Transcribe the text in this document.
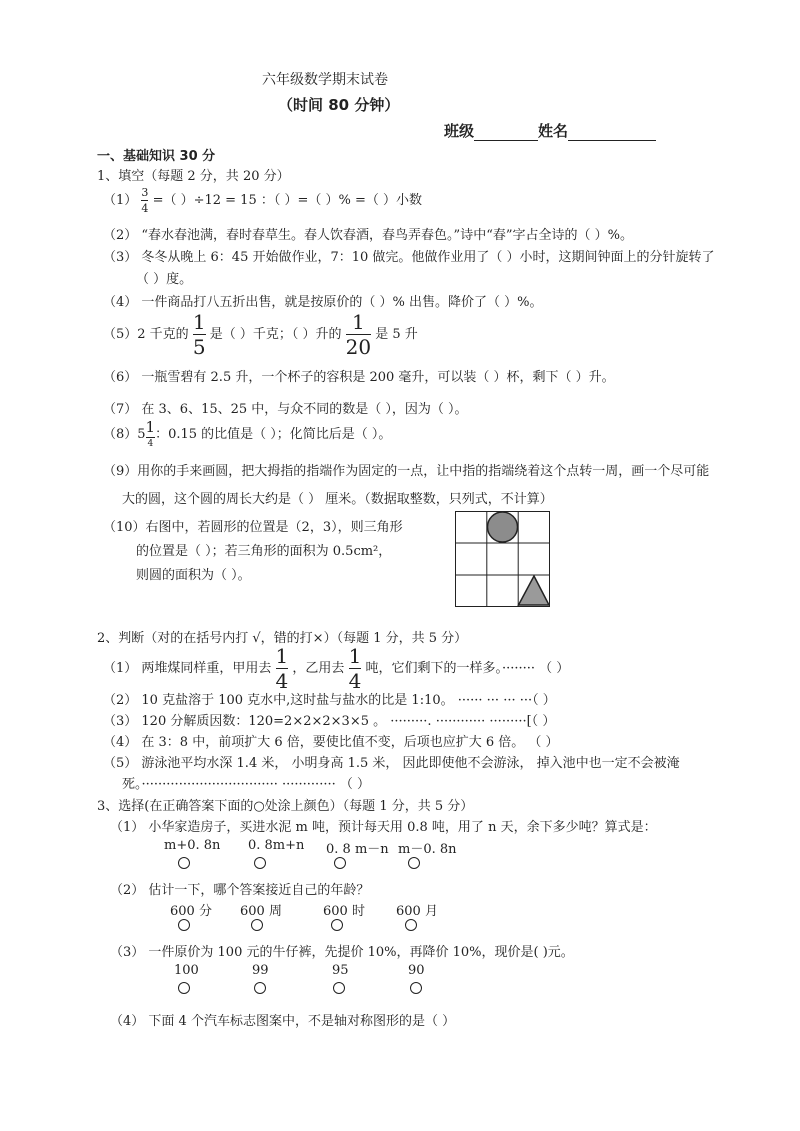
六年级数学期末试卷
（时间 80 分钟）
班级	姓名
一、基础知识 30 分
1、填空（每题 2 分，共 20 分）
$(1) \frac{3}{4}$ =（ ）÷12 = 15 ：（ ）=（ ）% =（ ）小数
（2） “春水春池满，春时春草生。春人饮春酒，春鸟弄春色。”诗中“春”字占全诗的（ ）%。
（3） 冬冬从晚上 6：45 开始做作业，7：10 做完。他做作业用了（ ）小时，这期间钟面上的分针旋转了
（ ）度。
（4） 一件商品打八五折出售，就是按原价的（ ）% 出售。降价了（ ）%。
（5）2 千克的 $\frac{1}{5}$ 是（ ）千克；（ ）升的 $\frac{1}{20}$ 是 5 升
（6） 一瓶雪碧有 2.5 升，一个杯子的容积是 200 毫升，可以装（ ）杯，剩下（ ）升。
（7） 在 3、6、15、25 中，与众不同的数是（ ），因为（ ）。
$(8)5 \frac{1}{4}$ ：0.15 的比值是（ ）；化简比后是（ ）。
（9）用你的手来画圆，把大拇指的指端作为固定的一点，让中指的指端绕着这个点转一周，画一个尽可能
大的圆，这个圆的周长大约是（ ） 厘米。（数据取整数，只列式，不计算）
（10）右图中，若圆形的位置是（2，3），则三角形
的位置是（ ）；若三角形的面积为 0.5cm²，
则圆的面积为（ ）。
2、判断（对的在括号内打 √，错的打×）（每题 1 分，共 5 分）
（1） 两堆煤同样重，甲用去 $\frac{1}{4}$ ，乙用去 $\frac{1}{4}$ 吨，它们剩下的一样多。········ （ ）
（2） 10 克盐溶于 100 克水中,这时盐与盐水的比是 1:10。 ······ ··· ··· ···（ ）
（3） 120 分解质因数：120=2×2×2×3×5 。 ·········. ············ ·········[（ ）
（4） 在 3：8 中，前项扩大 6 倍，要使比值不变，后项也应扩大 6 倍。 （ ）
（5） 游泳池平均水深 1.4 米， 小明身高 1.5 米， 因此即使他不会游泳， 掉入池中也一定不会被淹
死。································· ············· （ ）
3、选择(在正确答案下面的○处涂上颜色）（每题 1 分，共 5 分）
（1） 小华家造房子，买进水泥 m 吨，预计每天用 0.8 吨，用了 n 天，余下多少吨？算式是：
m+0. 8n 0. 8m+n 0. 8 m－n m－0. 8n
（2） 估计一下，哪个答案接近自己的年龄？
600 分 600 周	600 时 600 月
（3） 一件原价为 100 元的牛仔裤，先提价 10%，再降价 10%，现价是( )元。
100	99	95	90
（4） 下面 4 个汽车标志图案中，不是轴对称图形的是（ ）
